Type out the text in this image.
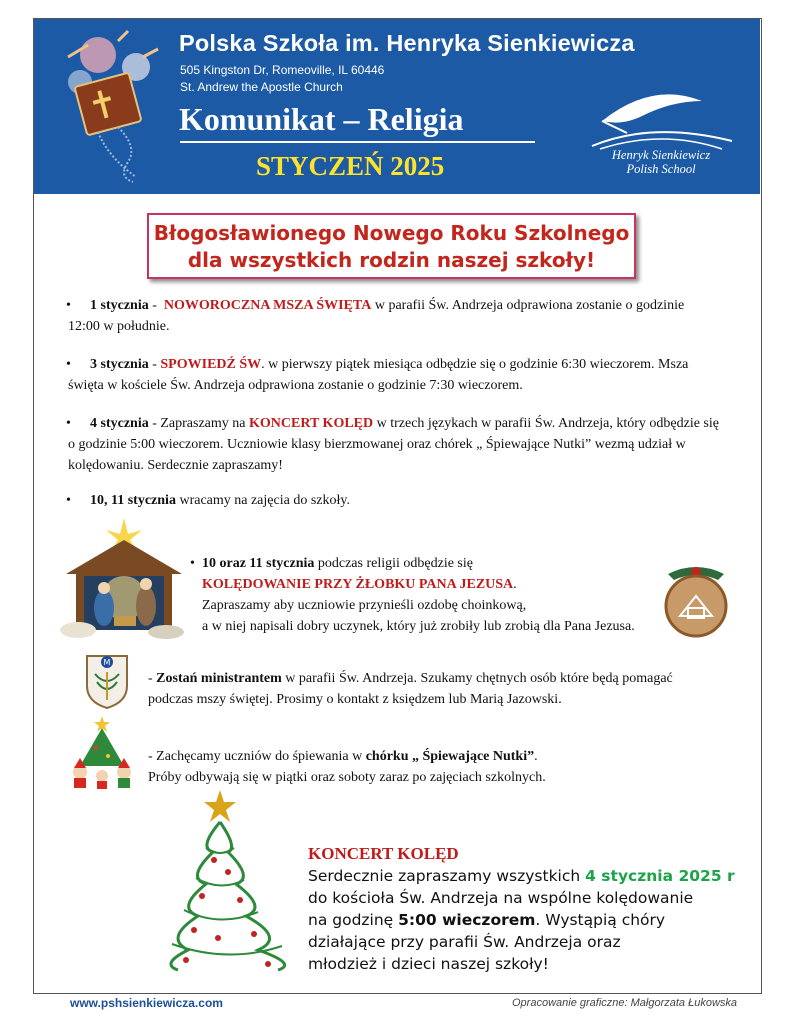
Polska Szkoła im. Henryka Sienkiewicza
505 Kingston Dr, Romeoville, IL 60446
St. Andrew the Apostle Church
Komunikat – Religia
STYCZEŃ 2025	Henryk Sienkiewicz
Polish School
Błogosławionego Nowego Roku Szkolnego
dla wszystkich rodzin naszej szkoły!
• 1 stycznia -  NOWOROCZNA MSZA ŚWIĘTA w parafii Św. Andrzeja odprawiona zostanie o godzinie
12:00 w południe.
• 3 stycznia - SPOWIEDŹ ŚW. w pierwszy piątek miesiąca odbędzie się o godzinie 6:30 wieczorem. Msza
święta w kościele Św. Andrzeja odprawiona zostanie o godzinie 7:30 wieczorem.
• 4 stycznia - Zapraszamy na KONCERT KOLĘD w trzech językach w parafii Św. Andrzeja, który odbędzie się
o godzinie 5:00 wieczorem. Uczniowie klasy bierzmowanej oraz chórek „ Śpiewające Nutki” wezmą udział w
kolędowaniu. Serdecznie zapraszamy!
• 10, 11 stycznia wracamy na zajęcia do szkoły.
• 10 oraz 11 stycznia podczas religii odbędzie się
KOLĘDOWANIE PRZY ŻŁOBKU PANA JEZUSA.
Zapraszamy aby uczniowie przynieśli ozdobę choinkową,
a w niej napisali dobry uczynek, który już zrobiły lub zrobią dla Pana Jezusa.
M
- Zostań ministrantem w parafii Św. Andrzeja. Szukamy chętnych osób które będą pomagać
podczas mszy świętej. Prosimy o kontakt z księdzem lub Marią Jazowski.
- Zachęcamy uczniów do śpiewania w chórku „ Śpiewające Nutki”.
Próby odbywają się w piątki oraz soboty zaraz po zajęciach szkolnych.
KONCERT KOLĘD
Serdecznie zapraszamy wszystkich 4 stycznia 2025 r
do kościoła Św. Andrzeja na wspólne kolędowanie
na godzinę 5:00 wieczorem. Wystąpią chóry
działające przy parafii Św. Andrzeja oraz
młodzież i dzieci naszej szkoły!
www.pshsienkiewicza.com	Opracowanie graficzne: Małgorzata Łukowska
